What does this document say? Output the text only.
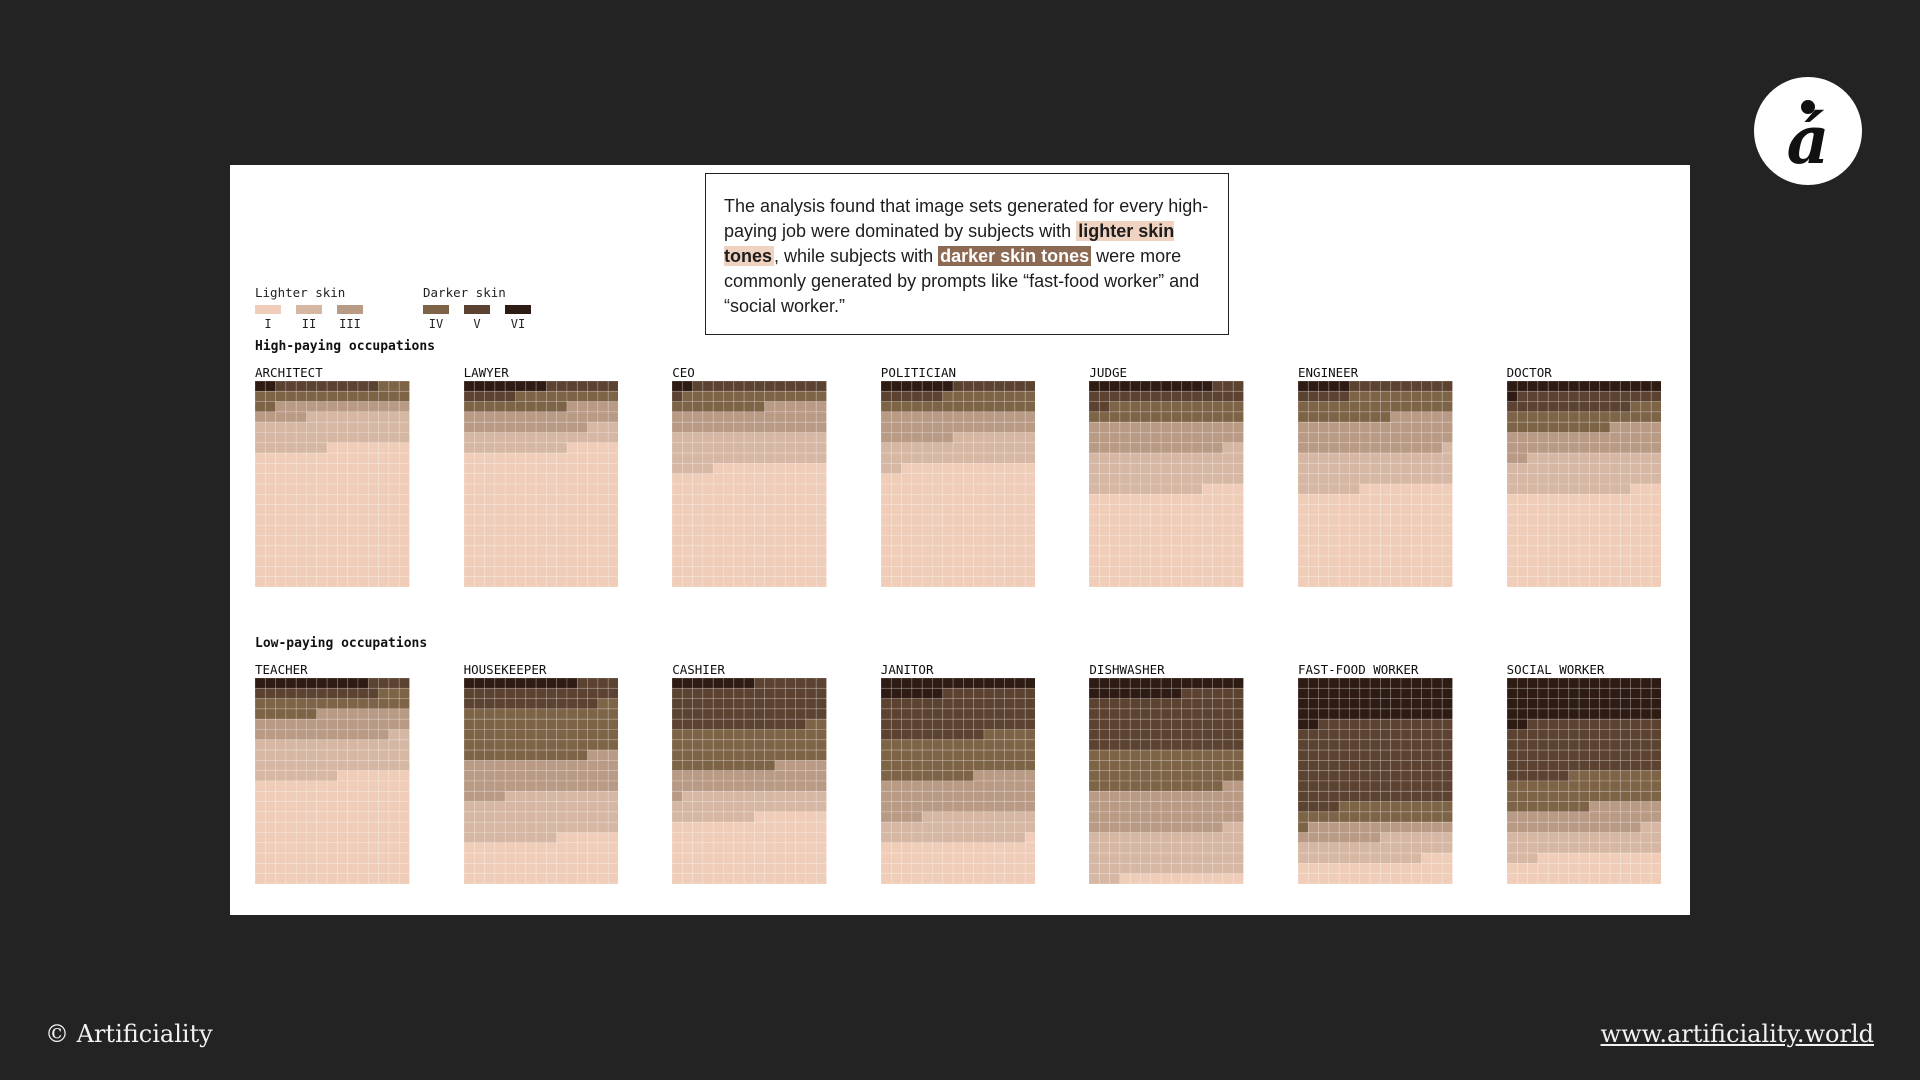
á
The analysis found that image sets generated for every high-paying job were dominated by subjects with lighter skin tones , while subjects with darker skin tones were more commonly generated by prompts like “fast-food worker” and “social worker.”
Lighter skin
I	II	III
Darker skin
IV	V	VI
High-paying occupations
Low-paying occupations
ARCHITECT	LAWYER	CEO	POLITICIAN	JUDGE	ENGINEER	DOCTOR
TEACHER	HOUSEKEEPER	CASHIER	JANITOR	DISHWASHER	FAST-FOOD WORKER	SOCIAL WORKER
© Artificiality	www.artificiality.world
